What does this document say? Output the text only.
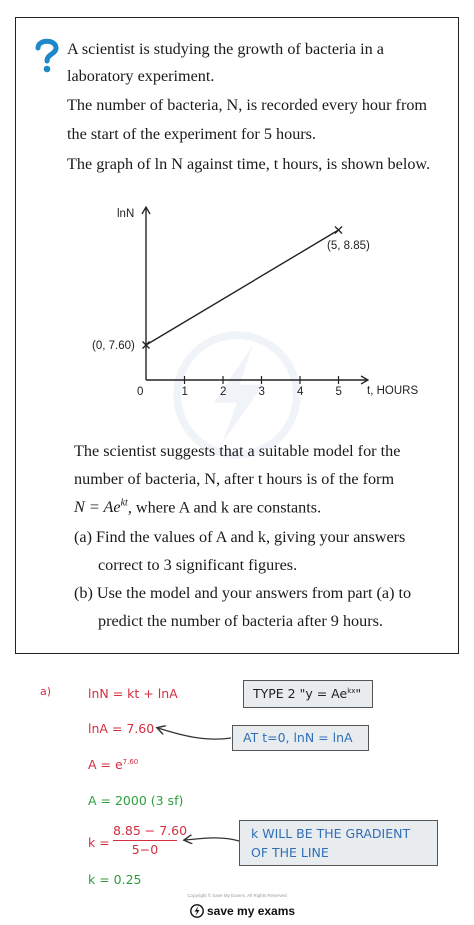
A scientist is studying the growth of bacteria in a
laboratory experiment.
The number of bacteria, N, is recorded every hour from
the start of the experiment for 5 hours.
The graph of ln N against time, t hours, is shown below.
0	1	2	3	4	5
lnN
t, HOURS
(0, 7.60)
(5, 8.85)
The scientist suggests that a suitable model for the
number of bacteria, N, after t hours is of the form
$N = Ae^{kt}$, where A and k are constants.
(a) Find the values of A and k, giving your answers
correct to 3 significant figures.
(b) Use the model and your answers from part (a) to
predict the number of bacteria after 9 hours.
a)	lnN = kt + lnA
lnA = 7.60
$A = e^{7.60}$
A = 2000 (3 sf)
$k = \frac{8.85 - 7.60}{5-0}$
k = 0.25
TYPE 2 "$y = Ae^{kx}$"
AT t=0, lnN = lnA
k WILL BE THE GRADIENT
OF THE LINE
Copyright © Save My Exams. All Rights Reserved
save my exams
